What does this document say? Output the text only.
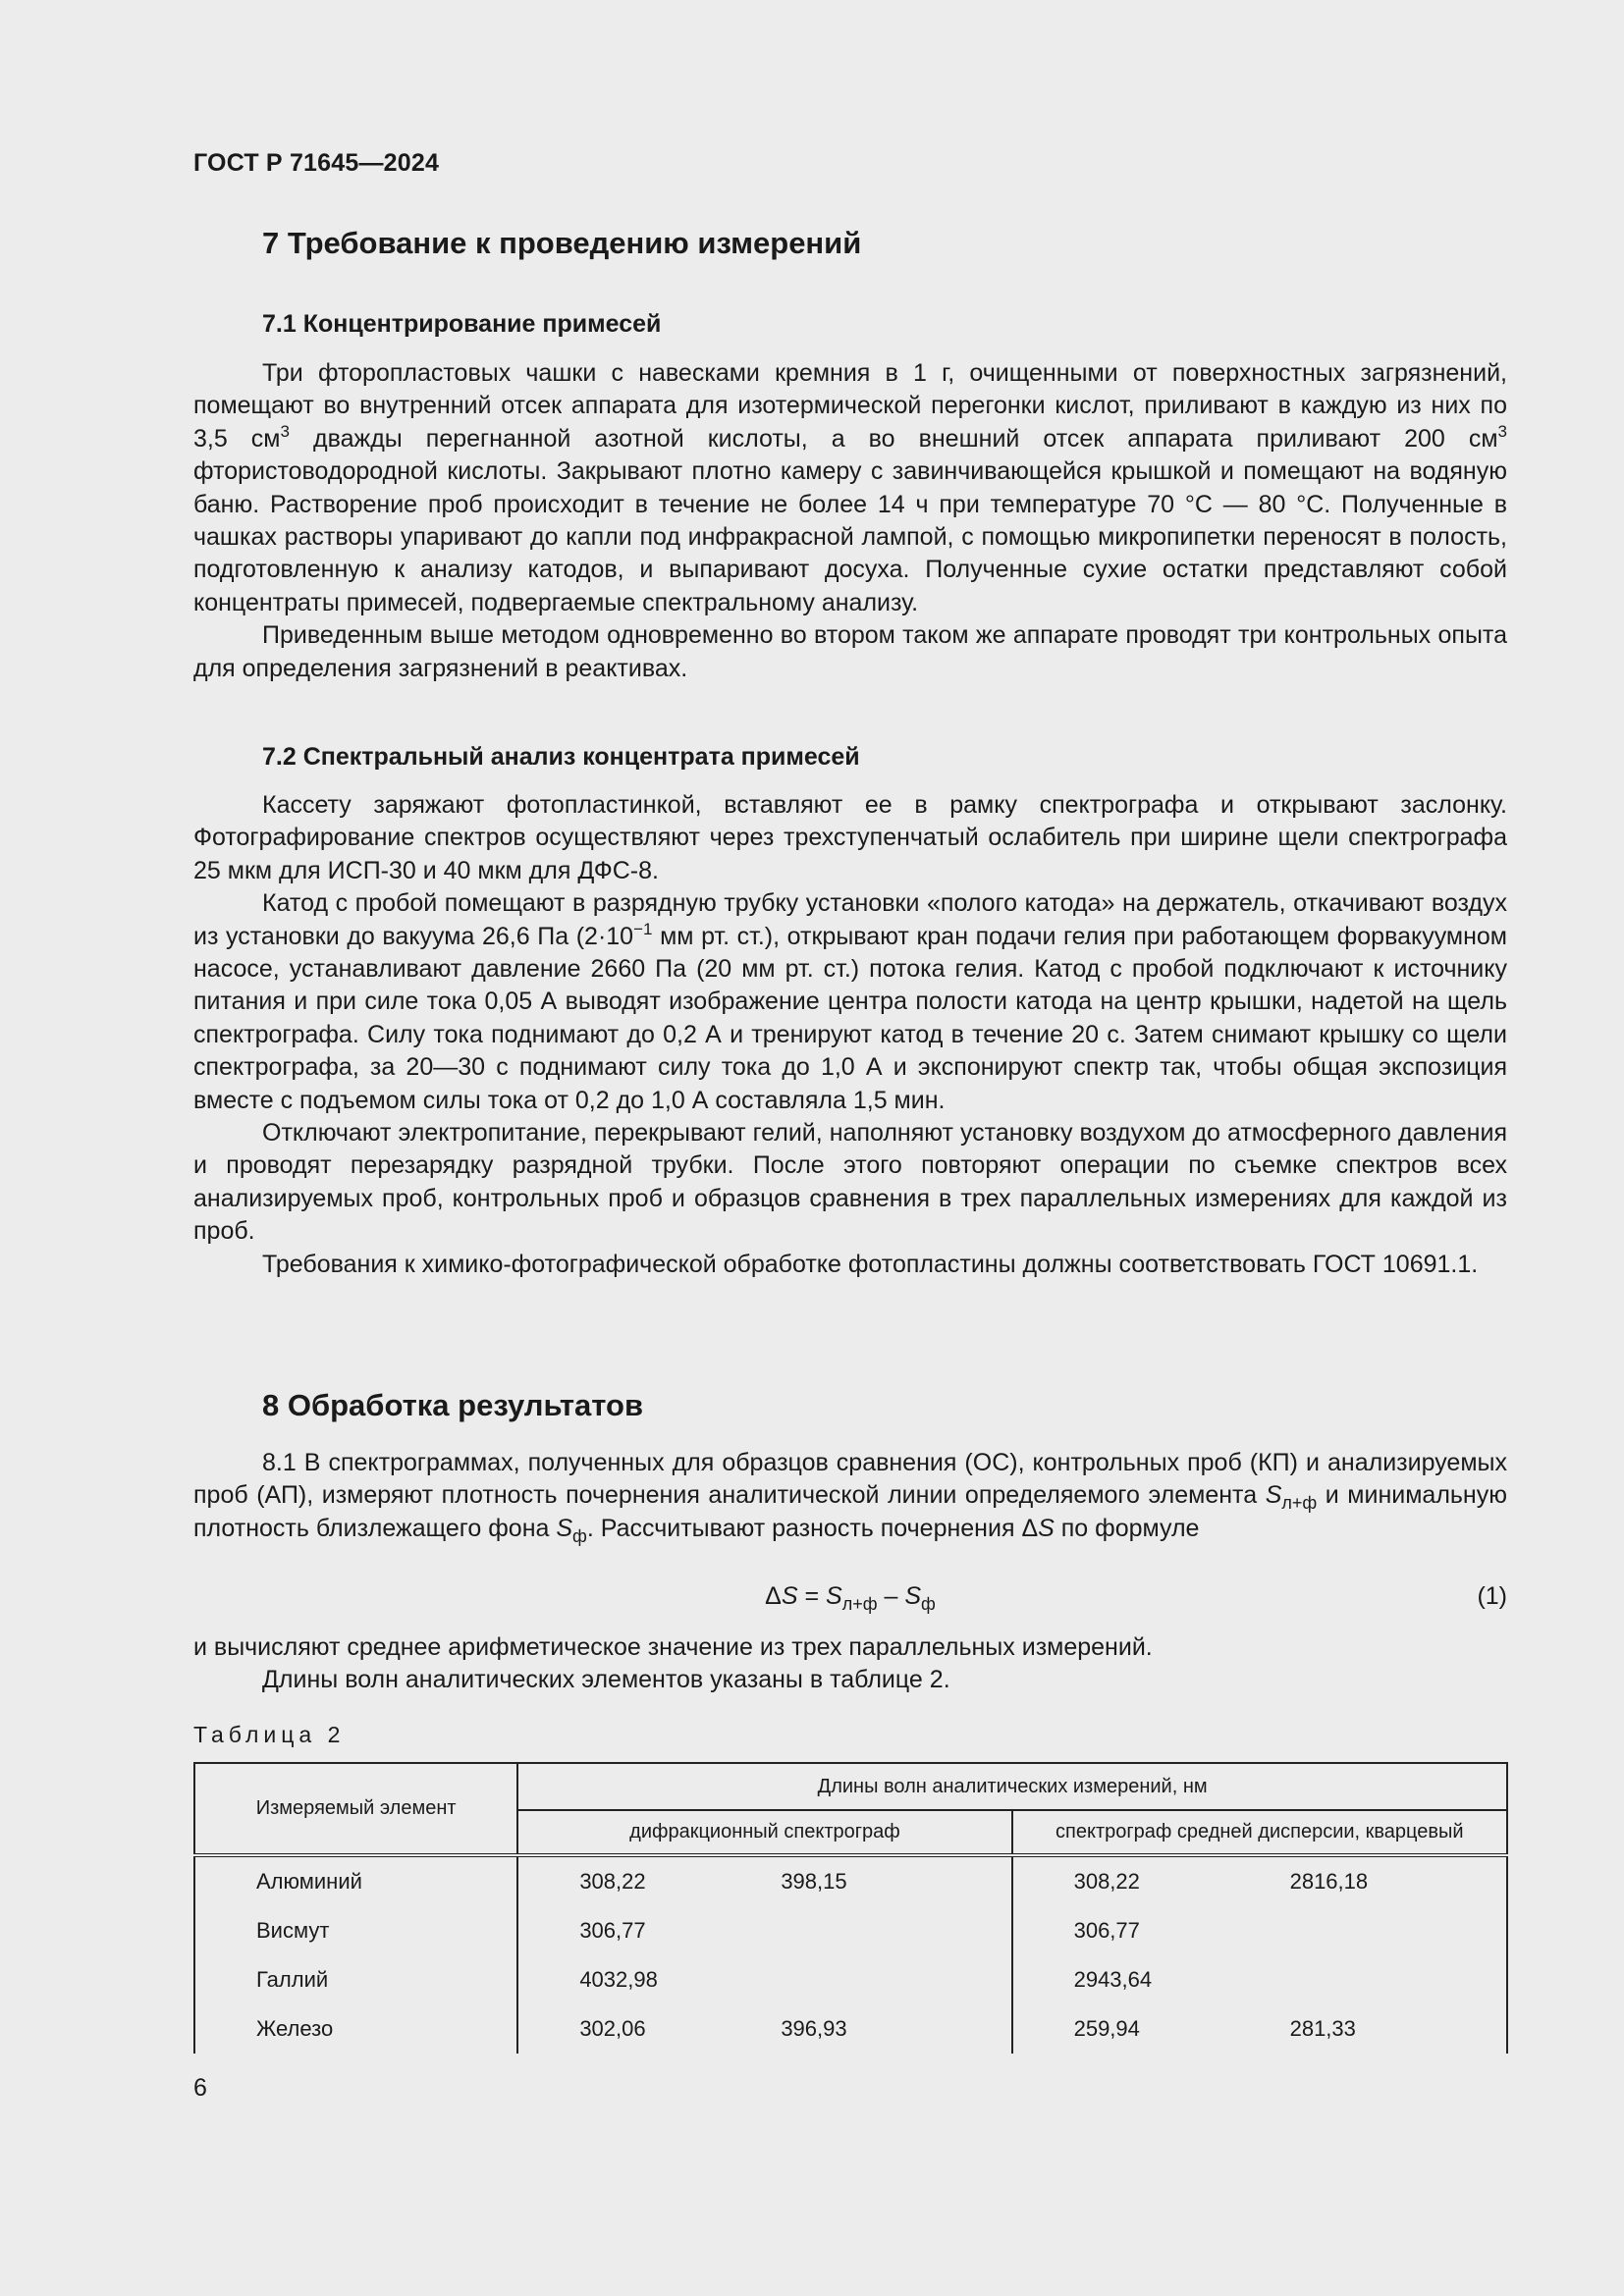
ГОСТ Р 71645—2024
7 Требование к проведению измерений
7.1 Концентрирование примесей

Три фторопластовых чашки с навесками кремния в 1 г, очищенными от поверхностных загрязнений, помещают во внутренний отсек аппарата для изотермической перегонки кислот, приливают в каждую из них по 3,5 $см^3$ дважды перегнанной азотной кислоты, а во внешний отсек аппарата приливают 200 $см^3$ фтористоводородной кислоты. Закрывают плотно камеру с завинчивающейся крышкой и помещают на водяную баню. Растворение проб происходит в течение не более 14 ч при температуре 70 °С — 80 °С. Полученные в чашках растворы упаривают до капли под инфракрасной лампой, с помощью микропипетки переносят в полость, подготовленную к анализу катодов, и выпаривают досуха. Полученные сухие остатки представляют собой концентраты примесей, подвергаемые спектральному анализу.

Приведенным выше методом одновременно во втором таком же аппарате проводят три контрольных опыта для определения загрязнений в реактивах.

7.2 Спектральный анализ концентрата примесей

Кассету заряжают фотопластинкой, вставляют ее в рамку спектрографа и открывают заслонку. Фотографирование спектров осуществляют через трехступенчатый ослабитель при ширине щели спектрографа 25 мкм для ИСП-30 и 40 мкм для ДФС-8.

Катод с пробой помещают в разрядную трубку установки «полого катода» на держатель, откачивают воздух из установки до вакуума 26,6 Па ($2\cdot 10^{-1}$ мм рт. ст.), открывают кран подачи гелия при работающем форвакуумном насосе, устанавливают давление 2660 Па (20 мм рт. ст.) потока гелия. Катод с пробой подключают к источнику питания и при силе тока 0,05 А выводят изображение центра полости катода на центр крышки, надетой на щель спектрографа. Силу тока поднимают до 0,2 А и тренируют катод в течение 20 с. Затем снимают крышку со щели спектрографа, за 20—30 с поднимают силу тока до 1,0 А и экспонируют спектр так, чтобы общая экспозиция вместе с подъемом силы тока от 0,2 до 1,0 А составляла 1,5 мин.

Отключают электропитание, перекрывают гелий, наполняют установку воздухом до атмосферного давления и проводят перезарядку разрядной трубки. После этого повторяют операции по съемке спектров всех анализируемых проб, контрольных проб и образцов сравнения в трех параллельных измерениях для каждой из проб.

Требования к химико-фотографической обработке фотопластины должны соответствовать ГОСТ 10691.1.

8 Обработка результатов

8.1 В спектрограммах, полученных для образцов сравнения (ОС), контрольных проб (КП) и анализируемых проб (АП), измеряют плотность почернения аналитической линии определяемого элемента $S_{л+ф}$ и минимальную плотность близлежащего фона $S_ф$. Рассчитывают разность почернения ΔS по формуле

$\Delta S = S_{л+ф} - S_ф$	(1)

и вычисляют среднее арифметическое значение из трех параллельных измерений.

Длины волн аналитических элементов указаны в таблице 2.

Таблица 2
Измеряемый элемент	Длины волн аналитических измерений, нм	
	дифракционный спектрограф	спектрограф средней дисперсии, кварцевый
Алюминий	308,22 398,15	308,22 2816,18

Висмут	306,77	306,77

Галлий	4032,98	2943,64

Железо	302,06 396,93	259,94 281,33
6
